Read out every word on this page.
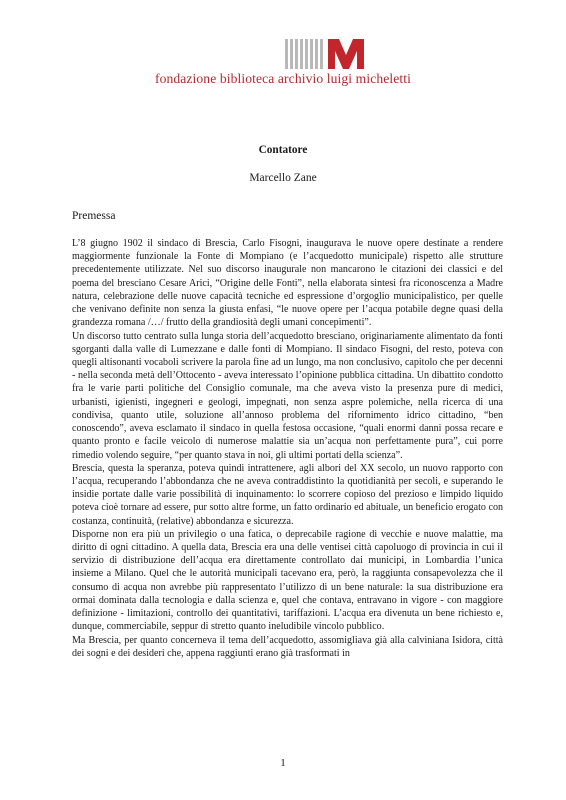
fondazione biblioteca archivio luigi micheletti
Contatore
Marcello Zane
Premessa

L’8 giugno 1902 il sindaco di Brescia, Carlo Fisogni, inaugurava le nuove opere destinate a rendere maggiormente funzionale la Fonte di Mompiano (e l’acquedotto municipale) rispetto alle strutture precedentemente utilizzate. Nel suo discorso inaugurale non mancarono le citazioni dei classici e del poema del bresciano Cesare Arici, “Origine delle Fonti”, nella elaborata sintesi fra riconoscenza a Madre natura, celebrazione delle nuove capacità tecniche ed espressione d’orgoglio municipalistico, per quelle che venivano definite non senza la giusta enfasi, “le nuove opere per l’acqua potabile degne quasi della grandezza romana /…/ frutto della grandiosità degli umani concepimenti”.

Un discorso tutto centrato sulla lunga storia dell’acquedotto bresciano, originariamente alimentato da fonti sgorganti dalla valle di Lumezzane e dalle fonti di Mompiano. Il sindaco Fisogni, del resto, poteva con quegli altisonanti vocaboli scrivere la parola fine ad un lungo, ma non conclusivo, capitolo che per decenni - nella seconda metà dell’Ottocento - aveva interessato l’opinione pubblica cittadina. Un dibattito condotto fra le varie parti politiche del Consiglio comunale, ma che aveva visto la presenza pure di medici, urbanisti, igienisti, ingegneri e geologi, impegnati, non senza aspre polemiche, nella ricerca di una condivisa, quanto utile, soluzione all’annoso problema del rifornimento idrico cittadino, “ben conoscendo”, aveva esclamato il sindaco in quella festosa occasione, “quali enormi danni possa recare e quanto pronto e facile veicolo di numerose malattie sia un’acqua non perfettamente pura”, cui porre rimedio volendo seguire, “per quanto stava in noi, gli ultimi portati della scienza”.

Brescia, questa la speranza, poteva quindi intrattenere, agli albori del XX secolo, un nuovo rapporto con l’acqua, recuperando l’abbondanza che ne aveva contraddistinto la quotidianità per secoli, e superando le insidie portate dalle varie possibilità di inquinamento: lo scorrere copioso del prezioso e limpido liquido poteva cioè tornare ad essere, pur sotto altre forme, un fatto ordinario ed abituale, un beneficio erogato con costanza, continuità, (relative) abbondanza e sicurezza.

Disporne non era più un privilegio o una fatica, o deprecabile ragione di vecchie e nuove malattie, ma diritto di ogni cittadino. A quella data, Brescia era una delle ventisei città capoluogo di provincia in cui il servizio di distribuzione dell’acqua era direttamente controllato dai municipi, in Lombardia l’unica insieme a Milano. Quel che le autorità municipali tacevano era, però, la raggiunta consapevolezza che il consumo di acqua non avrebbe più rappresentato l’utilizzo di un bene naturale: la sua distribuzione era ormai dominata dalla tecnologia e dalla scienza e, quel che contava, entravano in vigore - con maggiore definizione - limitazioni, controllo dei quantitativi, tariffazioni. L’acqua era divenuta un bene richiesto e, dunque, commerciabile, seppur di stretto quanto ineludibile vincolo pubblico.

Ma Brescia, per quanto concerneva il tema dell’acquedotto, assomigliava già alla calviniana Isidora, città dei sogni e dei desideri che, appena raggiunti erano già trasformati in

1
